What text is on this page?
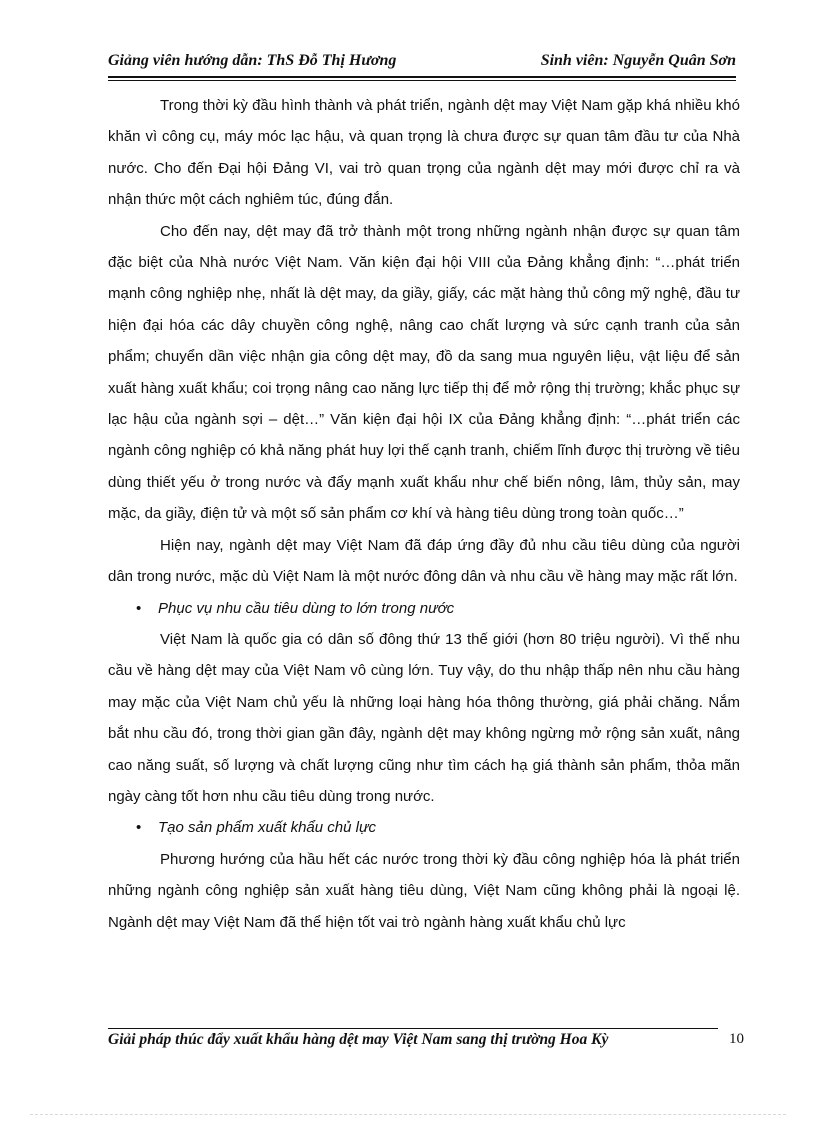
Giảng viên hướng dẫn: ThS Đỗ Thị Hương	Sinh viên: Nguyễn Quân Sơn

Trong thời kỳ đầu hình thành và phát triển, ngành dệt may Việt Nam gặp khá nhiều khó khăn vì công cụ, máy móc lạc hậu, và quan trọng là chưa được sự quan tâm đầu tư của Nhà nước. Cho đến Đại hội Đảng VI, vai trò quan trọng của ngành dệt may mới được chỉ ra và nhận thức một cách nghiêm túc, đúng đắn.

Cho đến nay, dệt may đã trở thành một trong những ngành nhận được sự quan tâm đặc biệt của Nhà nước Việt Nam. Văn kiện đại hội VIII của Đảng khẳng định: “…phát triển mạnh công nghiệp nhẹ, nhất là dệt may, da giầy, giấy, các mặt hàng thủ công mỹ nghệ, đầu tư hiện đại hóa các dây chuyền công nghệ, nâng cao chất lượng và sức cạnh tranh của sản phẩm; chuyển dần việc nhận gia công dệt may, đồ da sang mua nguyên liệu, vật liệu để sản xuất hàng xuất khẩu; coi trọng nâng cao năng lực tiếp thị để mở rộng thị trường; khắc phục sự lạc hậu của ngành sợi – dệt…” Văn kiện đại hội IX của Đảng khẳng định: “…phát triển các ngành công nghiệp có khả năng phát huy lợi thế cạnh tranh, chiếm lĩnh được thị trường về tiêu dùng thiết yếu ở trong nước và đẩy mạnh xuất khẩu như chế biến nông, lâm, thủy sản, may mặc, da giầy, điện tử và một số sản phẩm cơ khí và hàng tiêu dùng trong toàn quốc…”

Hiện nay, ngành dệt may Việt Nam đã đáp ứng đầy đủ nhu cầu tiêu dùng của người dân trong nước, mặc dù Việt Nam là một nước đông dân và nhu cầu về hàng may mặc rất lớn.

• Phục vụ nhu cầu tiêu dùng to lớn trong nước

Việt Nam là quốc gia có dân số đông thứ 13 thế giới (hơn 80 triệu người). Vì thế nhu cầu về hàng dệt may của Việt Nam vô cùng lớn. Tuy vậy, do thu nhập thấp nên nhu cầu hàng may mặc của Việt Nam chủ yếu là những loại hàng hóa thông thường, giá phải chăng. Nắm bắt nhu cầu đó, trong thời gian gần đây, ngành dệt may không ngừng mở rộng sản xuất, nâng cao năng suất, số lượng và chất lượng cũng như tìm cách hạ giá thành sản phẩm, thỏa mãn ngày càng tốt hơn nhu cầu tiêu dùng trong nước.

• Tạo sản phẩm xuất khẩu chủ lực

Phương hướng của hầu hết các nước trong thời kỳ đầu công nghiệp hóa là phát triển những ngành công nghiệp sản xuất hàng tiêu dùng, Việt Nam cũng không phải là ngoại lệ. Ngành dệt may Việt Nam đã thể hiện tốt vai trò ngành hàng xuất khẩu chủ lực

Giải pháp thúc đẩy xuất khẩu hàng dệt may Việt Nam sang thị trường Hoa Kỳ	10
